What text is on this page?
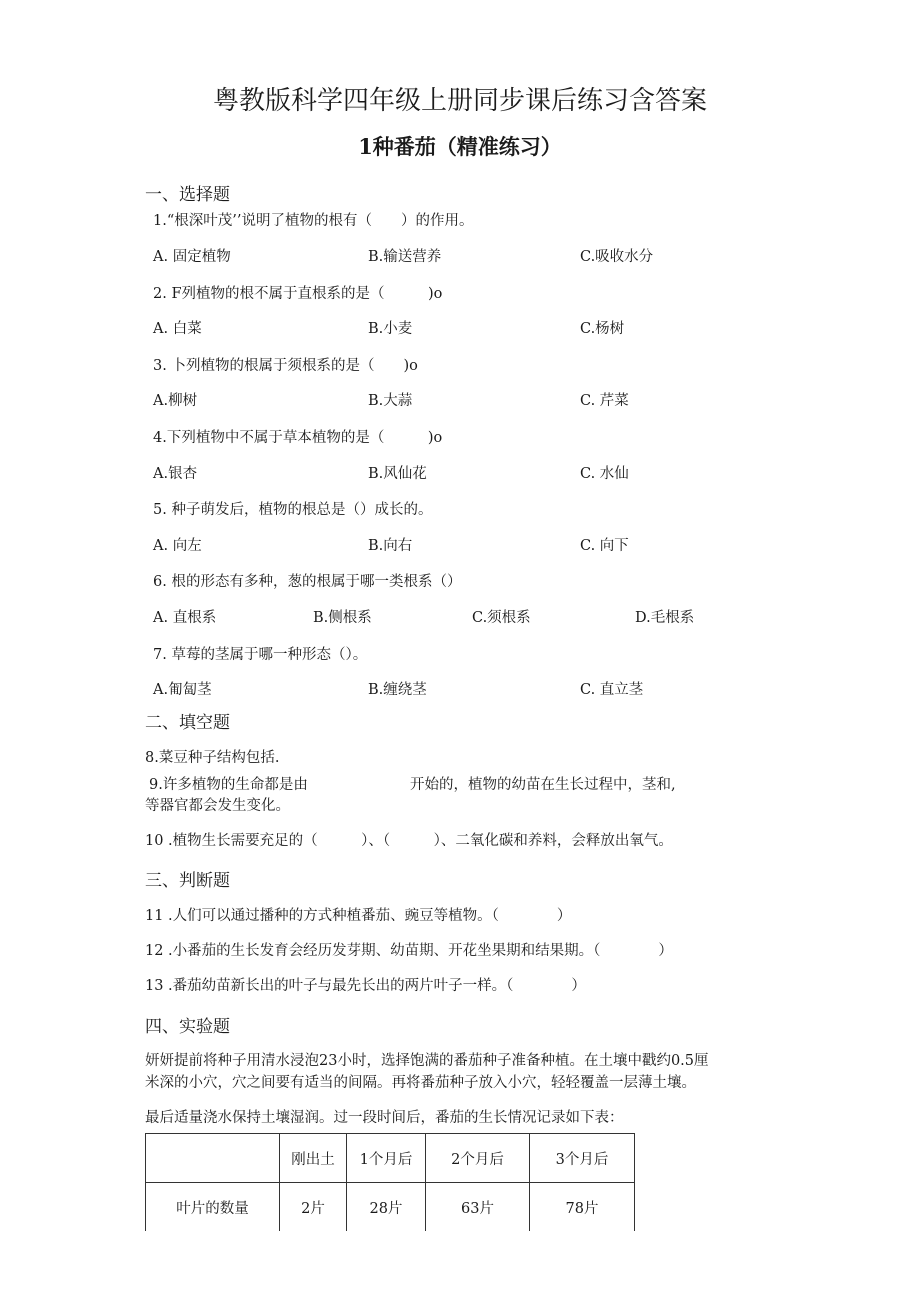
粤教版科学四年级上册同步课后练习含答案
1种番茄（精准练习）
一、选择题
1.“根深叶茂’’说明了植物的根有（　　）的作用。
A. 固定植物	B.输送营养	C.吸收水分
2. F列植物的根不属于直根系的是（　　　)o
A. 白菜	B.小麦	C.杨树
3. 卜列植物的根属于须根系的是（　　)o
A.柳树	B.大蒜	C. 芹菜
4.下列植物中不属于草本植物的是（　　　)o
A.银杏	B.风仙花	C. 水仙
5. 种子萌发后，植物的根总是（）成长的。
A. 向左	B.向右	C. 向下
6. 根的形态有多种，葱的根属于哪一类根系（）
A. 直根系	B.侧根系	C.须根系	D.毛根系
7. 草莓的茎属于哪一种形态（）。
A.匍匐茎	B.缠绕茎	C. 直立茎
二、填空题
8.菜豆种子结构包括.
9.许多植物的生命都是由	开始的，植物的幼苗在生长过程中，茎和,
等器官都会发生变化。
10 .植物生长需要充足的（　　　）、（　　　）、二氧化碳和养料，会释放出氧气。
三、判断题
11 .人们可以通过播种的方式种植番茄、豌豆等植物。（　　　　）
12 .小番茄的生长发育会经历发芽期、幼苗期、开花坐果期和结果期。（　　　　）
13 .番茄幼苗新长出的叶子与最先长出的两片叶子一样。（　　　　）
四、实验题
妍妍提前将种子用清水浸泡23小时，选择饱满的番茄种子准备种植。在土壤中戳约0.5厘
米深的小穴，穴之间要有适当的间隔。再将番茄种子放入小穴，轻轻覆盖一层薄土壤。
最后适量浇水保持土壤湿润。过一段时间后，番茄的生长情况记录如下表：
	刚出土	1个月后	2个月后	3个月后
叶片的数量	2片	28片	63片	78片
